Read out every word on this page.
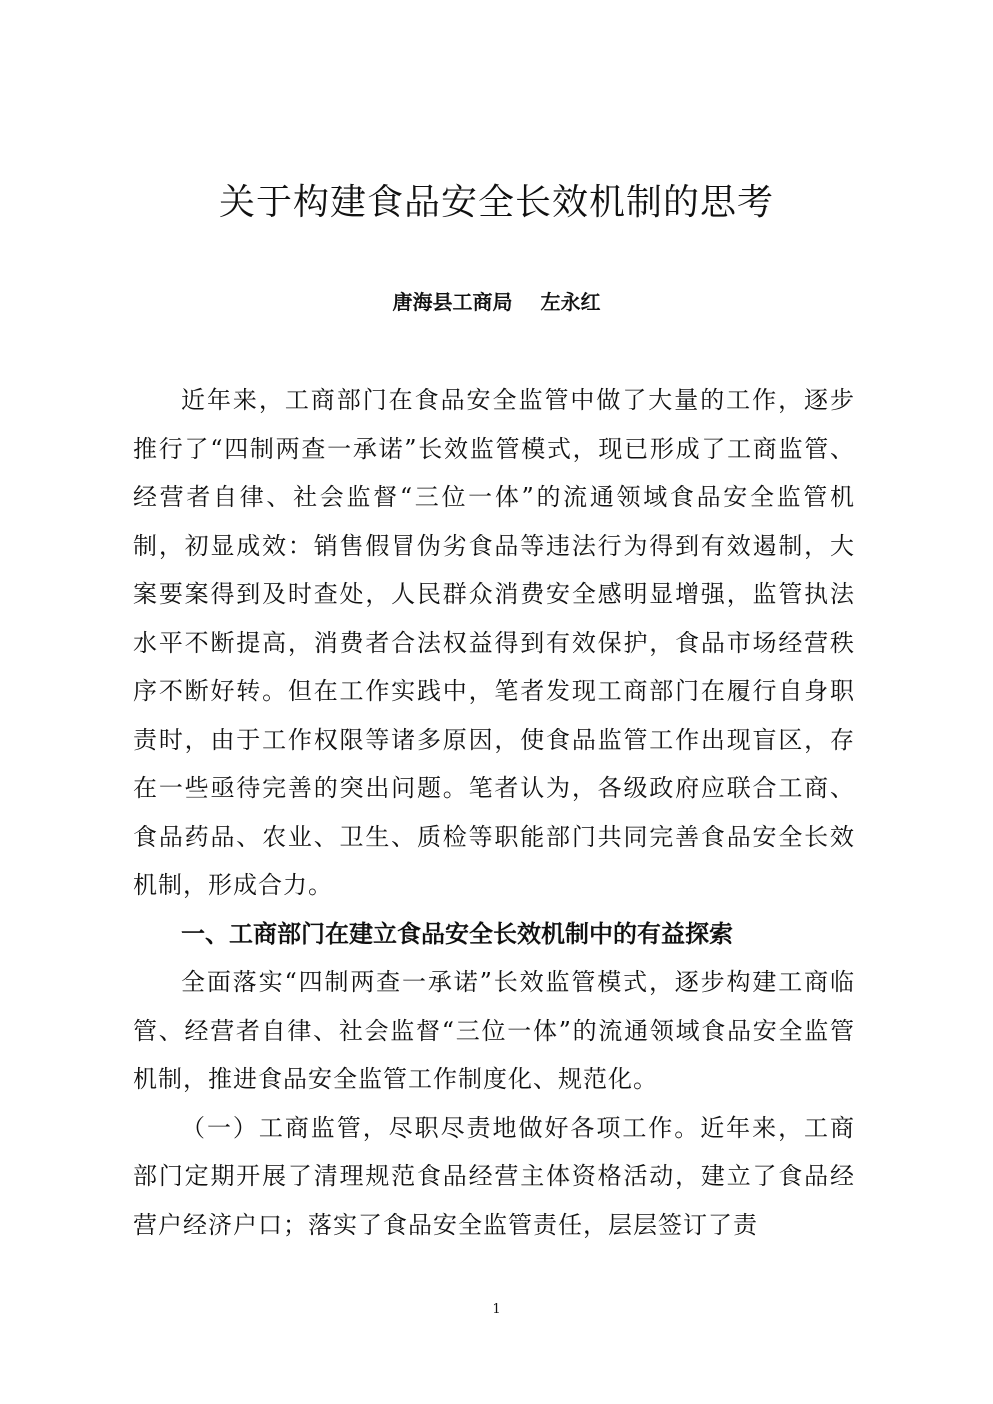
关于构建食品安全长效机制的思考
唐海县工商局 左永红

近年来，工商部门在食品安全监管中做了大量的工作，逐步推行了“四制两查一承诺”长效监管模式，现已形成了工商监管、经营者自律、社会监督“三位一体”的流通领域食品安全监管机制，初显成效：销售假冒伪劣食品等违法行为得到有效遏制，大案要案得到及时查处，人民群众消费安全感明显增强，监管执法水平不断提高，消费者合法权益得到有效保护，食品市场经营秩序不断好转。但在工作实践中，笔者发现工商部门在履行自身职责时，由于工作权限等诸多原因，使食品监管工作出现盲区，存在一些亟待完善的突出问题。笔者认为，各级政府应联合工商、食品药品、农业、卫生、质检等职能部门共同完善食品安全长效机制，形成合力。

一、工商部门在建立食品安全长效机制中的有益探索

全面落实“四制两查一承诺”长效监管模式，逐步构建工商临管、经营者自律、社会监督“三位一体”的流通领域食品安全监管机制，推进食品安全监管工作制度化、规范化。

（一）工商监管，尽职尽责地做好各项工作。近年来，工商部门定期开展了清理规范食品经营主体资格活动，建立了食品经营户经济户口；落实了食品安全监管责任，层层签订了责

1
